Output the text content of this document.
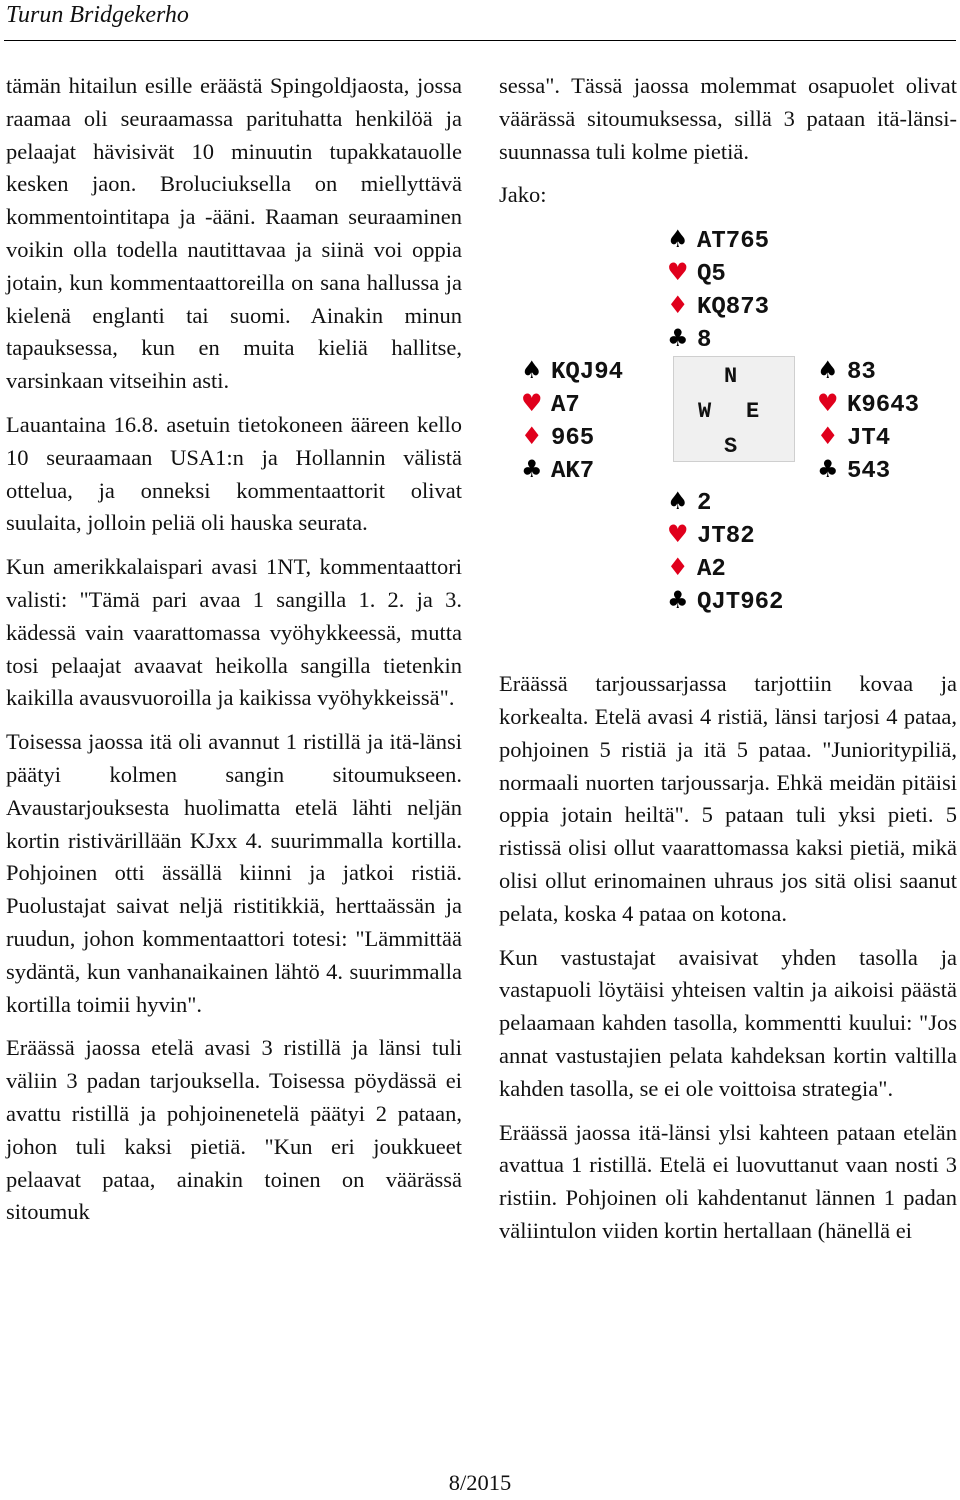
Turun Bridgekerho

tämän hitailun esille eräästä Spingoldjaostа, jossa raamaa oli seuraamassa parituhatta henkilöä ja pelaajat hävisivät 10 minuutin tupakkatauolle kesken jaon. Broluciuksella on miellyttävä kommentointitapa ja -ääni. Raaman seuraaminen voikin olla todella nautittavaa ja siinä voi oppia jotain, kun kommentaattoreilla on sana hallussa ja kielenä englanti tai suomi. Ainakin minun tapauksessa, kun en muita kieliä hallitse, varsinkaan vitseihin asti.

Lauantaina 16.8. asetuin tietokoneen ääreen kello 10 seuraamaan USA1:n ja Hollannin välistä ottelua, ja onneksi kommentaattorit olivat suulaita, jolloin peliä oli hauska seurata.

Kun amerikkalaispari avasi 1NT, kommentaattori valisti: "Tämä pari avaa 1 sangilla 1. 2. ja 3. kädessä vain vaarattomassa vyöhykkeessä, mutta tosi pelaajat avaavat heikolla sangilla tietenkin kaikilla avausvuoroilla ja kaikissa vyöhykkeissä".

Toisessa jaossa itä oli avannut 1 ristillä ja itä-länsi päätyi kolmen sangin sitoumukseen. Avaustarjouksesta huolimatta etelä lähti neljän kortin ristivärillään KJxx 4. suurimmalla kortilla. Pohjoinen otti ässällä kiinni ja jatkoi ristiä. Puolustajat saivat neljä ristitikkiä, herttaässän ja ruudun, johon kommentaattori totesi: "Lämmittää sydäntä, kun vanhanaikainen lähtö 4. suurimmalla kortilla toimii hyvin".

Eräässä jaossa etelä avasi 3 ristillä ja länsi tuli väliin 3 padan tarjouksella. Toisessa pöydässä ei avattu ristillä ja pohjoinenetelä päätyi 2 pataan, johon tuli kaksi pietiä. "Kun eri joukkueet pelaavat pataa, ainakin toinen on väärässä sitoumuk

sessa". Tässä jaossa molemmat osapuolet olivat väärässä sitoumuksessa, sillä 3 pataan itä-länsi-suunnassa tuli kolme pietiä.

Jako:

♠ AT765
♥ Q5
♦ KQ873
♣ 8
♠ KQJ94
♥ A7
♦ 965
♣ AK7
N
W E
S
♠ 83
♥ K9643
♦ JT4
♣ 543
♠ 2
♥ JT82
♦ A2
♣ QJT962

Eräässä tarjoussarjassa tarjottiin kovaa ja korkealta. Etelä avasi 4 ristiä, länsi tarjosi 4 pataa, pohjoinen 5 ristiä ja itä 5 pataa. "Junioritypiliä, normaali nuorten tarjoussarja. Ehkä meidän pitäisi oppia jotain heiltä". 5 pataan tuli yksi pieti. 5 ristissä olisi ollut vaarattomassa kaksi pietiä, mikä olisi ollut erinomainen uhraus jos sitä olisi saanut pelata, koska 4 pataa on kotona.

Kun vastustajat avaisivat yhden tasolla ja vastapuoli löytäisi yhteisen valtin ja aikoisi päästä pelaamaan kahden tasolla, kommentti kuului: "Jos annat vastustajien pelata kahdeksan kortin valtilla kahden tasolla, se ei ole voittoisa strategia".

Eräässä jaossa itä-länsi ylsi kahteen pataan etelän avattua 1 ristillä. Etelä ei luovuttanut vaan nosti 3 ristiin. Pohjoinen oli kahdentanut lännen 1 padan väliintulon viiden kortin hertallaan (hänellä ei

8/2015
